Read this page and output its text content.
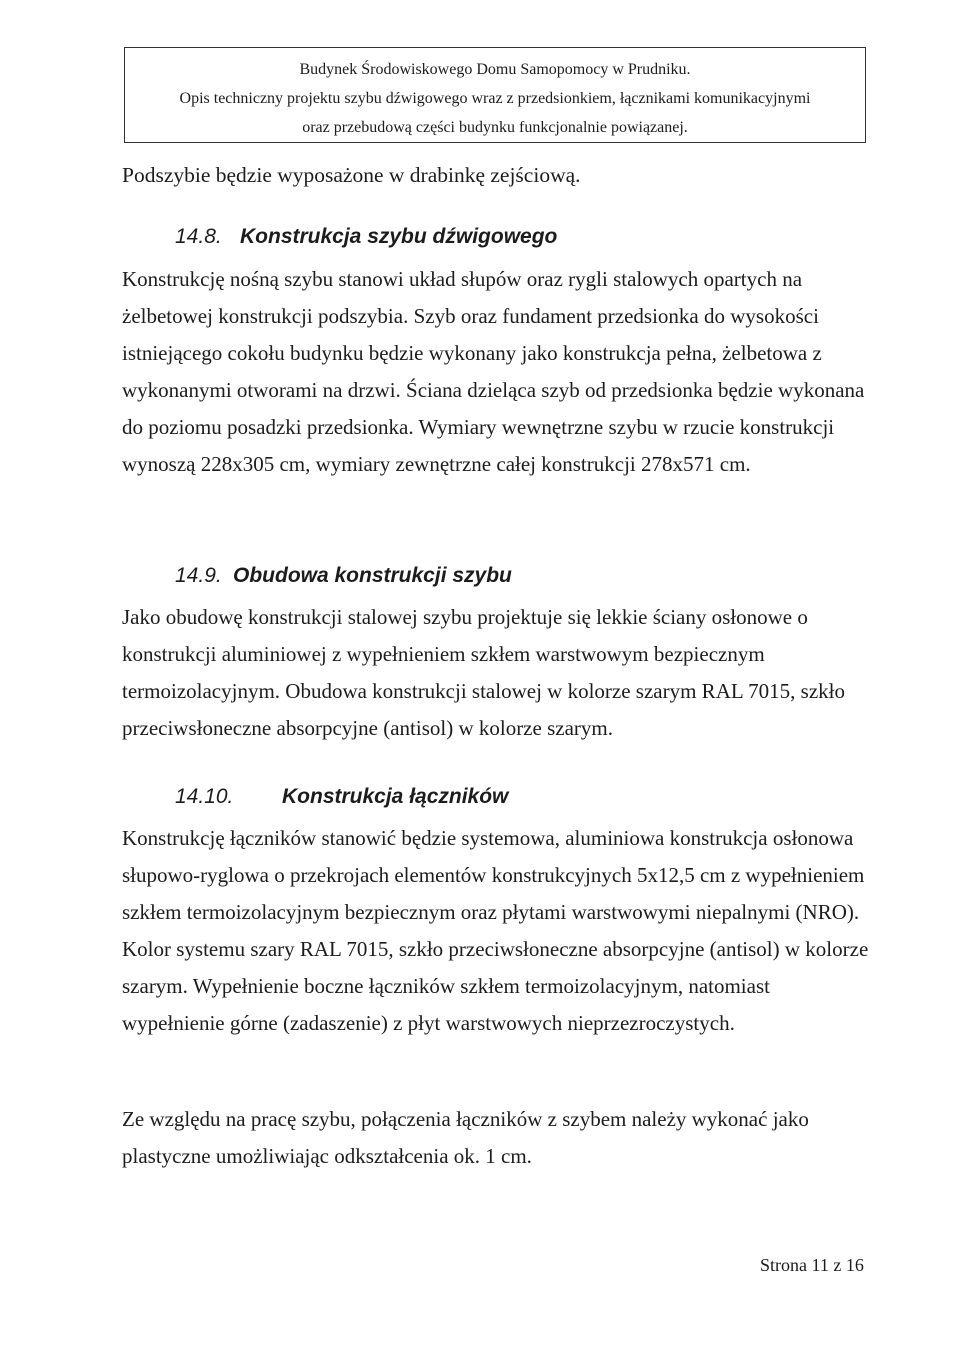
Budynek Środowiskowego Domu Samopomocy w Prudniku.
Opis techniczny projektu szybu dźwigowego wraz z przedsionkiem, łącznikami komunikacyjnymi
oraz przebudową części budynku funkcjonalnie powiązanej.

Podszybie będzie wyposażone w drabinkę zejściową.

14.8. Konstrukcja szybu dźwigowego

Konstrukcję nośną szybu stanowi układ słupów oraz rygli stalowych opartych na żelbetowej konstrukcji podszybia. Szyb oraz fundament przedsionka do wysokości istniejącego cokołu budynku będzie wykonany jako konstrukcja pełna, żelbetowa z wykonanymi otworami na drzwi. Ściana dzieląca szyb od przedsionka będzie wykonana do poziomu posadzki przedsionka. Wymiary wewnętrzne szybu w rzucie konstrukcji wynoszą 228x305 cm, wymiary zewnętrzne całej konstrukcji 278x571 cm.

14.9. Obudowa konstrukcji szybu

Jako obudowę konstrukcji stalowej szybu projektuje się lekkie ściany osłonowe o konstrukcji aluminiowej z wypełnieniem szkłem warstwowym bezpiecznym termoizolacyjnym. Obudowa konstrukcji stalowej w kolorze szarym RAL 7015, szkło przeciwsłoneczne absorpcyjne (antisol) w kolorze szarym.

14.10. Konstrukcja łączników

Konstrukcję łączników stanowić będzie systemowa, aluminiowa konstrukcja osłonowa słupowo-ryglowa o przekrojach elementów konstrukcyjnych 5x12,5 cm z wypełnieniem szkłem termoizolacyjnym bezpiecznym oraz płytami warstwowymi niepalnymi (NRO). Kolor systemu szary RAL 7015, szkło przeciwsłoneczne absorpcyjne (antisol) w kolorze szarym. Wypełnienie boczne łączników szkłem termoizolacyjnym, natomiast wypełnienie górne (zadaszenie) z płyt warstwowych nieprzezroczystych.

Ze względu na pracę szybu, połączenia łączników z szybem należy wykonać jako plastyczne umożliwiając odkształcenia ok. 1 cm.

Strona 11 z 16
